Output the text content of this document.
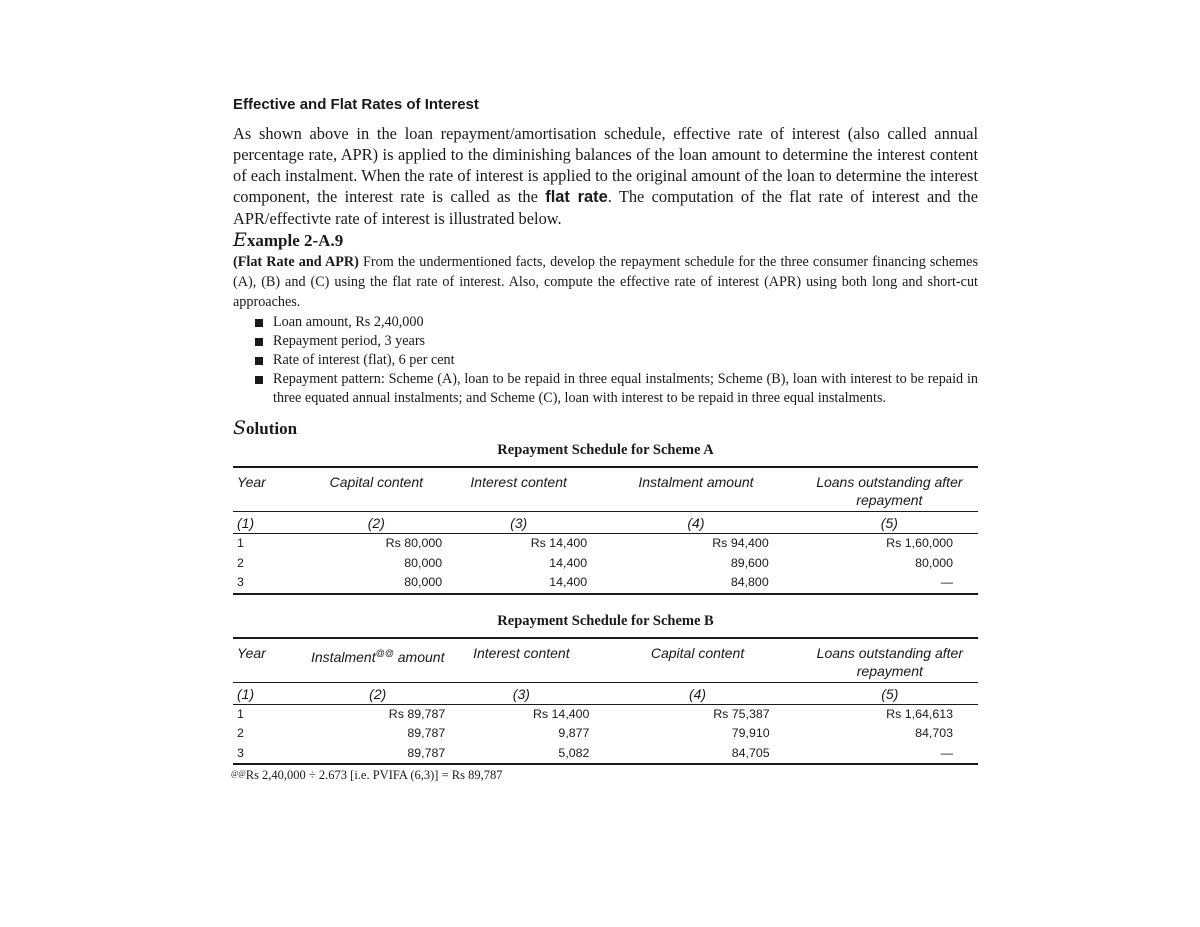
Effective and Flat Rates of Interest

As shown above in the loan repayment/amortisation schedule, effective rate of interest (also called annual percentage rate, APR) is applied to the diminishing balances of the loan amount to determine the interest content of each instalment. When the rate of interest is applied to the original amount of the loan to determine the interest component, the interest rate is called as the flat rate. The computation of the flat rate of interest and the APR/effectivte rate of interest is illustrated below.

Example 2-A.9

(Flat Rate and APR) From the undermentioned facts, develop the repayment schedule for the three consumer financing schemes (A), (B) and (C) using the flat rate of interest. Also, compute the effective rate of interest (APR) using both long and short-cut approaches.

Loan amount, Rs 2,40,000
Repayment period, 3 years
Rate of interest (flat), 6 per cent
Repayment pattern: Scheme (A), loan to be repaid in three equal instalments; Scheme (B), loan with interest to be repaid in three equated annual instalments; and Scheme (C), loan with interest to be repaid in three equal instalments.

Solution

Repayment Schedule for Scheme A

Year	Capital content	Interest content	Instalment amount	Loans outstanding after repayment
(1)	(2)	(3)	(4)	(5)
1	Rs 80,000	Rs 14,400	Rs 94,400	Rs 1,60,000
2	80,000	14,400	89,600	80,000
3	80,000	14,400	84,800	—

Repayment Schedule for Scheme B

Year	Instalment@@ amount	Interest content	Capital content	Loans outstanding after repayment
(1)	(2)	(3)	(4)	(5)
1	Rs 89,787	Rs 14,400	Rs 75,387	Rs 1,64,613
2	89,787	9,877	79,910	84,703
3	89,787	5,082	84,705	—

@@Rs 2,40,000 ÷ 2.673 [i.e. PVIFA (6,3)] = Rs 89,787
